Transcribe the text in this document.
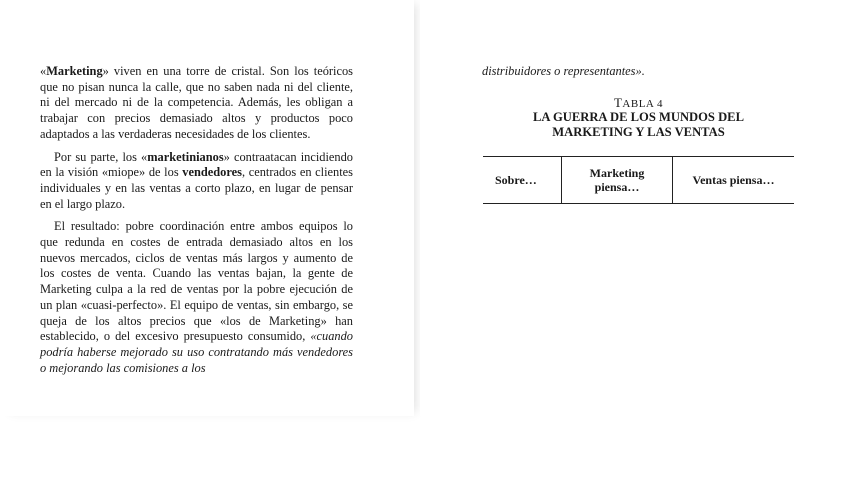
«Marketing» viven en una torre de cristal. Son los teóricos que no pisan nunca la calle, que no saben nada ni del cliente, ni del mercado ni de la competencia. Además, les obligan a trabajar con precios demasiado altos y productos poco adaptados a las verdaderas necesidades de los clientes.

Por su parte, los «marketinianos» contraatacan incidiendo en la visión «miope» de los vendedores, centrados en clientes individuales y en las ventas a corto plazo, en lugar de pensar en el largo plazo.

El resultado: pobre coordinación entre ambos equipos lo que redunda en costes de entrada demasiado altos en los nuevos mercados, ciclos de ventas más largos y aumento de los costes de venta. Cuando las ventas bajan, la gente de Marketing culpa a la red de ventas por la pobre ejecución de un plan «cuasi-perfecto». El equipo de ventas, sin embargo, se queja de los altos precios que «los de Marketing» han establecido, o del excesivo presupuesto consumido, «cuando podría haberse mejorado su uso contratando más vendedores o mejorando las comisiones a los

distribuidores o representantes».
TABLA 4
LA GUERRA DE LOS MUNDOS DEL
MARKETING Y LAS VENTAS
Sobre…	Marketing piensa…	Ventas piensa…
